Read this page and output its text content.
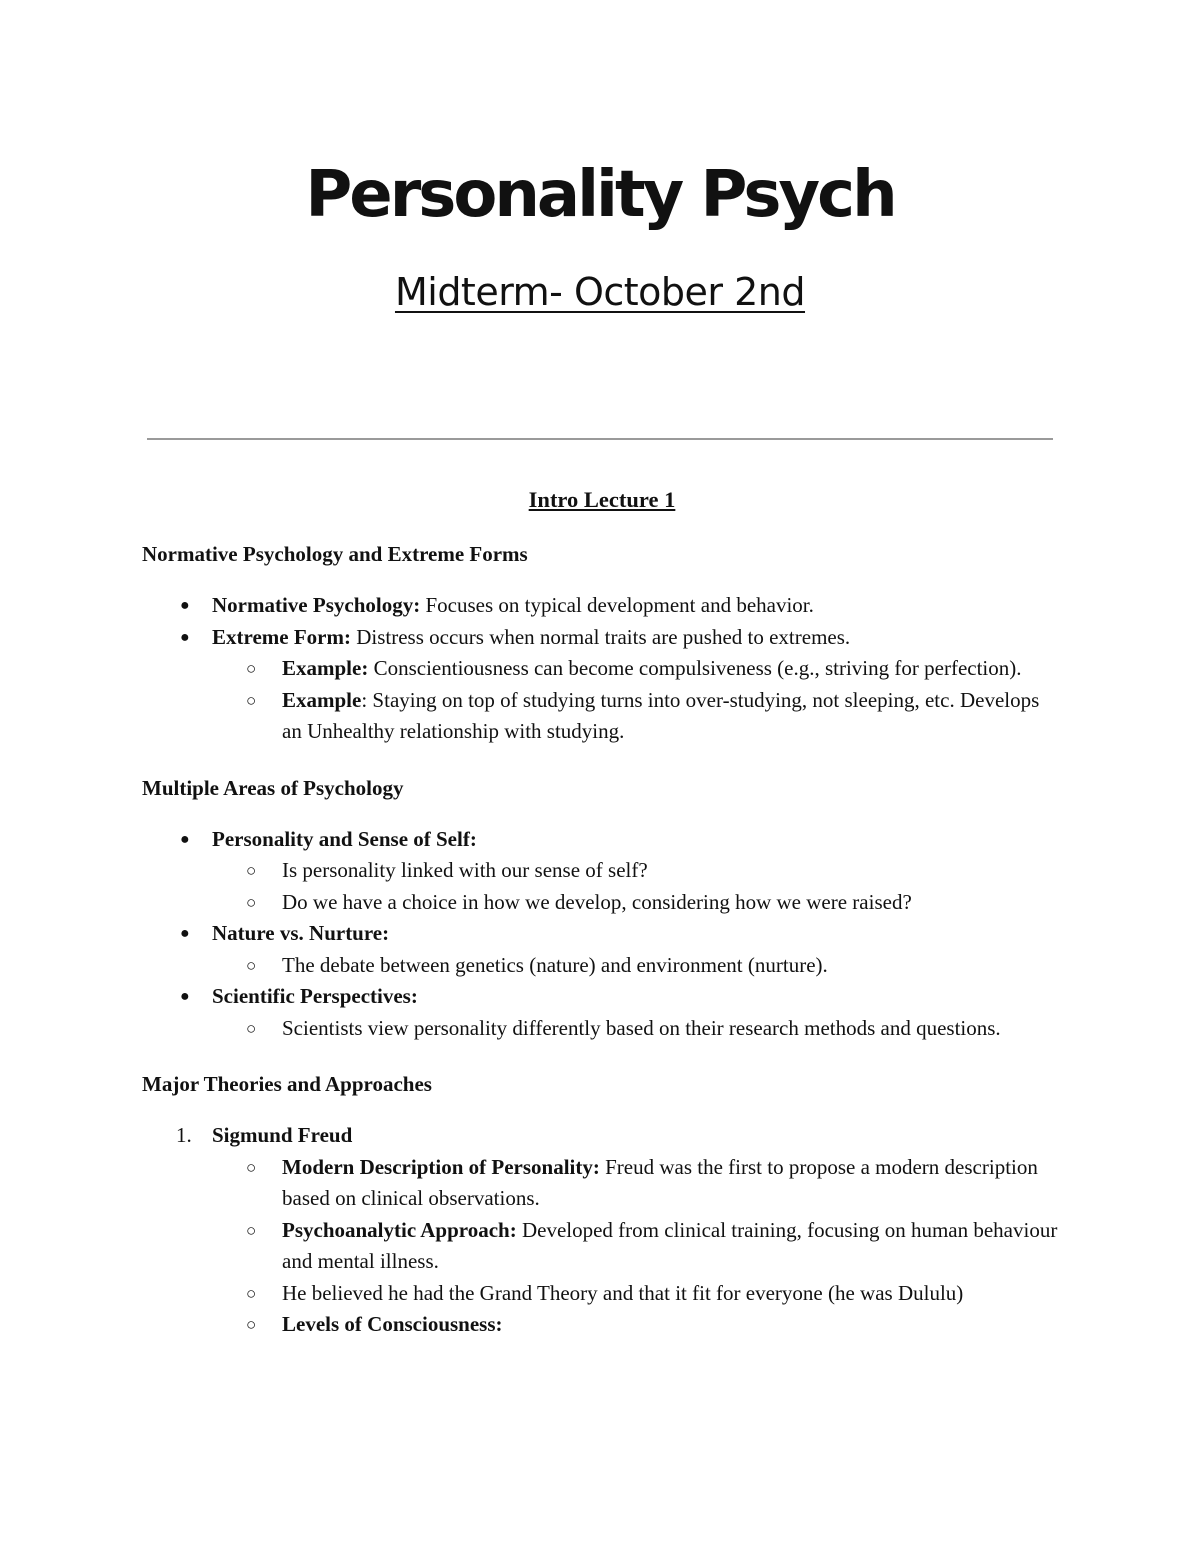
Personality Psych
Midterm- October 2nd
Intro Lecture 1
Normative Psychology and Extreme Forms
●	Normative Psychology: Focuses on typical development and behavior.
●	Extreme Form: Distress occurs when normal traits are pushed to extremes.
○	Example: Conscientiousness can become compulsiveness (e.g., striving for perfection).
○	Example: Staying on top of studying turns into over-studying, not sleeping, etc. Develops an Unhealthy relationship with studying.
Multiple Areas of Psychology
●	Personality and Sense of Self:
○	Is personality linked with our sense of self?
○	Do we have a choice in how we develop, considering how we were raised?
●	Nature vs. Nurture:
○	The debate between genetics (nature) and environment (nurture).
●	Scientific Perspectives:
○	Scientists view personality differently based on their research methods and questions.
Major Theories and Approaches
1. Sigmund Freud
○	Modern Description of Personality: Freud was the first to propose a modern description based on clinical observations.
○	Psychoanalytic Approach: Developed from clinical training, focusing on human behaviour and mental illness.
○	He believed he had the Grand Theory and that it fit for everyone (he was Dululu)
○	Levels of Consciousness:
